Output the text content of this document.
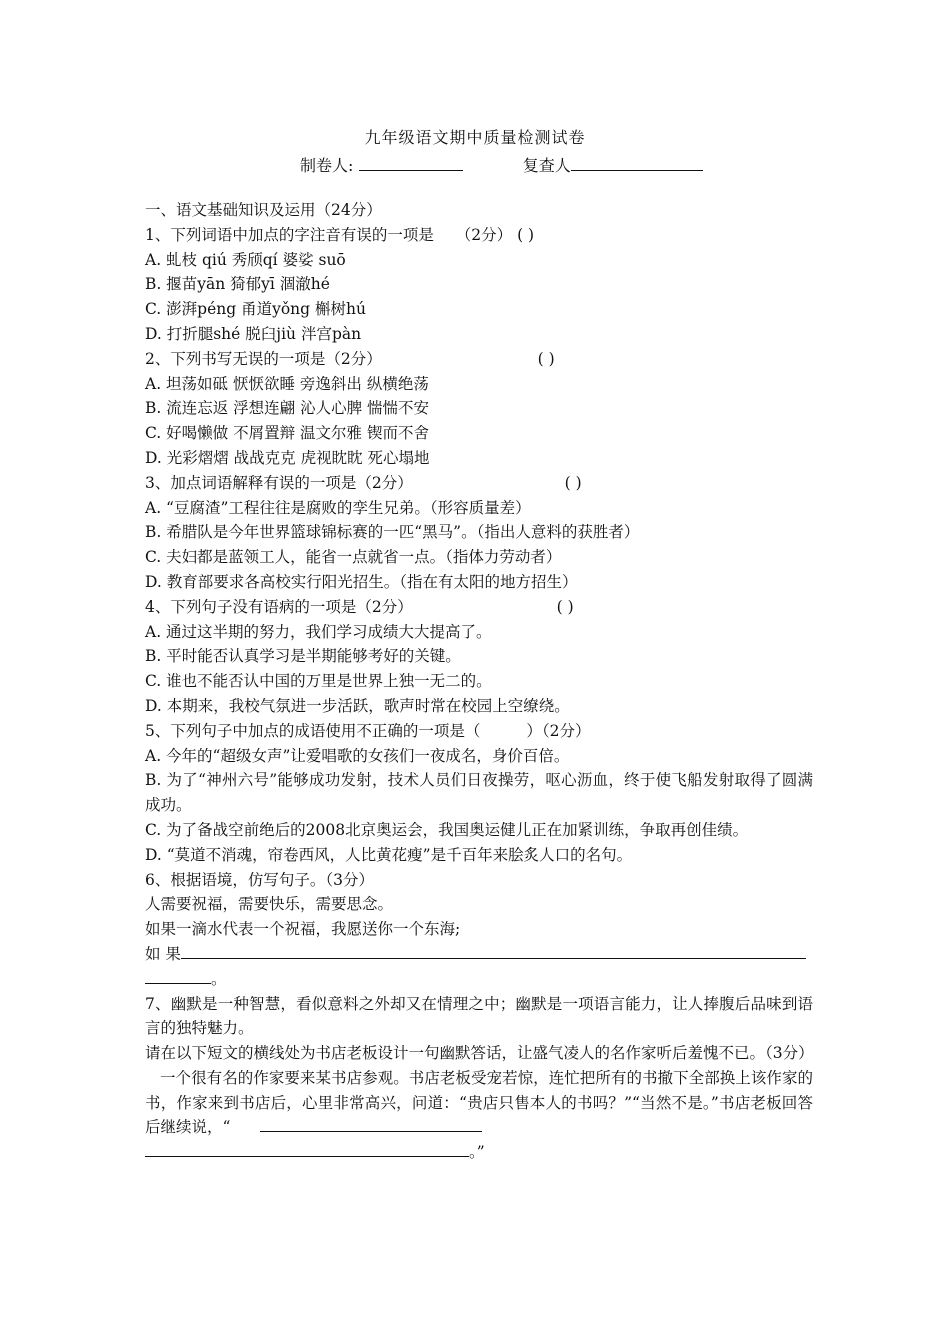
九年级语文期中质量检测试卷
制卷人:	复查人
一、语文基础知识及运用（24分）
1、下列词语中加点的字注音有误的一项是 （2分） ( )
A. 虬枝 qiú 秀颀qí 婆娑 suō
B. 揠苗yān 猗郁yī 涸澈hé
C. 澎湃péng 甬道yǒng 槲树hú
D. 打折腿shé 脱臼jiù 泮宫pàn
2、下列书写无误的一项是（2分）	( )
A. 坦荡如砥 恹恹欲睡 旁逸斜出 纵横绝荡
B. 流连忘返 浮想连翩 沁人心脾 惴惴不安
C. 好喝懒做 不屑置辩 温文尔雅 锲而不舍
D. 光彩熠熠 战战克克 虎视眈眈 死心塌地
3、加点词语解释有误的一项是（2分）	( )
A. “豆腐渣”工程往往是腐败的孪生兄弟。（形容质量差）
B. 希腊队是今年世界篮球锦标赛的一匹“黑马”。（指出人意料的获胜者）
C. 夫妇都是蓝领工人，能省一点就省一点。（指体力劳动者）
D. 教育部要求各高校实行阳光招生。（指在有太阳的地方招生）
4、下列句子没有语病的一项是（2分）	( )
A. 通过这半期的努力，我们学习成绩大大提高了。
B. 平时能否认真学习是半期能够考好的关键。
C. 谁也不能否认中国的万里是世界上独一无二的。
D. 本期来，我校气氛进一步活跃，歌声时常在校园上空缭绕。
5、下列句子中加点的成语使用不正确的一项是（	）（2分）
A. 今年的“超级女声”让爱唱歌的女孩们一夜成名，身价百倍。
B. 为了“神州六号”能够成功发射，技术人员们日夜操劳，呕心沥血，终于使飞船发射取得了圆满成功。
C. 为了备战空前绝后的2008北京奥运会，我国奥运健儿正在加紧训练，争取再创佳绩。
D. “莫道不消魂，帘卷西风，人比黄花瘦”是千百年来脍炙人口的名句。
6、根据语境，仿写句子。（3分）
人需要祝福，需要快乐，需要思念。
如果一滴水代表一个祝福，我愿送你一个东海;
如 果
。
7、幽默是一种智慧，看似意料之外却又在情理之中；幽默是一项语言能力，让人捧腹后品味到语言的独特魅力。
请在以下短文的横线处为书店老板设计一句幽默答话，让盛气凌人的名作家听后羞愧不已。（3分）
一个很有名的作家要来某书店参观。书店老板受宠若惊，连忙把所有的书撤下全部换上该作家的书，作家来到书店后，心里非常高兴，问道：“贵店只售本人的书吗？”“当然不是。”书店老板回答后继续说，“
。”
